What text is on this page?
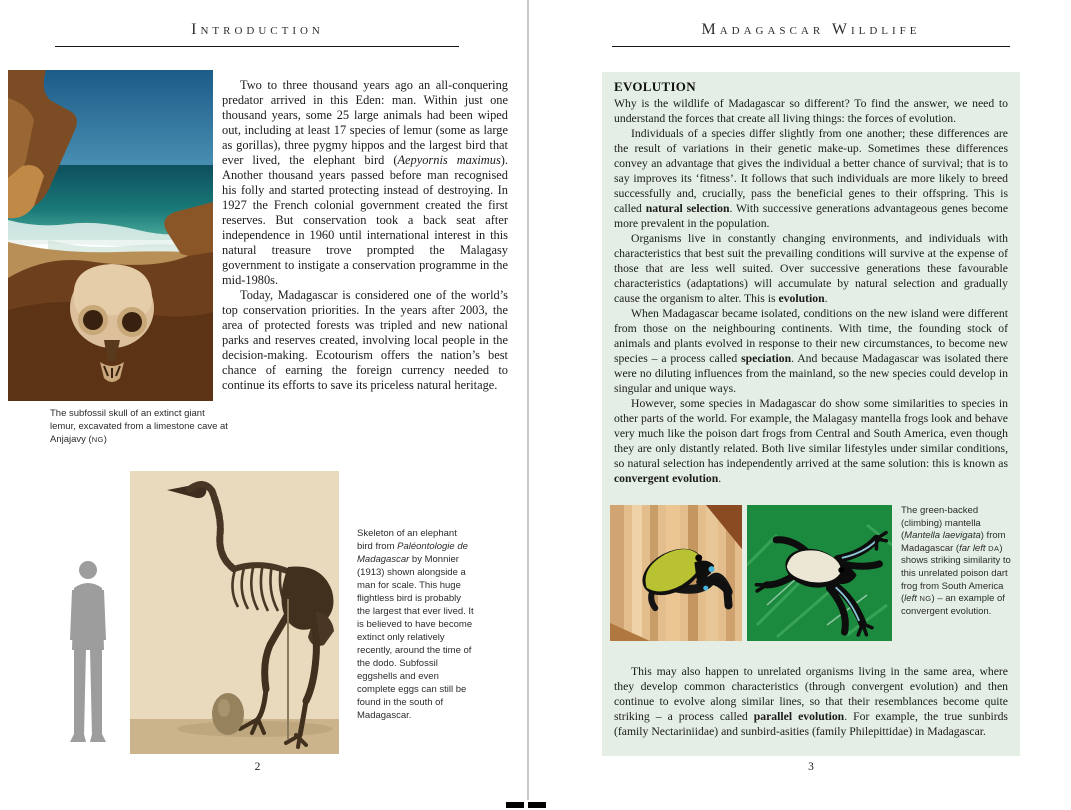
Introduction
The subfossil skull of an extinct giant lemur, excavated from a limestone cave at Anjajavy (NG)

Two to three thousand years ago an all-conquering predator arrived in this Eden: man. Within just one thousand years, some 25 large animals had been wiped out, including at least 17 species of lemur (some as large as gorillas), three pygmy hippos and the largest bird that ever lived, the elephant bird (Aepyornis maximus). Another thousand years passed before man recognised his folly and started protecting instead of destroying. In 1927 the French colonial government created the first reserves. But conservation took a back seat after independence in 1960 until international interest in this natural treasure trove prompted the Malagasy government to instigate a conservation programme in the mid-1980s.

Today, Madagascar is considered one of the world’s top conservation priorities. In the years after 2003, the area of protected forests was tripled and new national parks and reserves created, involving local people in the decision-making. Ecotourism offers the nation’s best chance of earning the foreign currency needed to continue its efforts to save its priceless natural heritage.

Skeleton of an elephant bird from Paléontologie de Madagascar by Monnier (1913) shown alongside a man for scale. This huge flightless bird is probably the largest that ever lived. It is believed to have become extinct only relatively recently, around the time of the dodo. Subfossil eggshells and even complete eggs can still be found in the south of Madagascar.
2
Madagascar Wildlife
EVOLUTION

Why is the wildlife of Madagascar so different? To find the answer, we need to understand the forces that create all living things: the forces of evolution.

Individuals of a species differ slightly from one another; these differences are the result of variations in their genetic make-up. Sometimes these differences convey an advantage that gives the individual a better chance of survival; that is to say improves its ‘fitness’. It follows that such individuals are more likely to breed successfully and, crucially, pass the beneficial genes to their offspring. This is called natural selection. With successive generations advantageous genes become more prevalent in the population.

Organisms live in constantly changing environments, and individuals with characteristics that best suit the prevailing conditions will survive at the expense of those that are less well suited. Over successive generations these favourable characteristics (adaptations) will accumulate by natural selection and gradually cause the organism to alter. This is evolution.

When Madagascar became isolated, conditions on the new island were different from those on the neighbouring continents. With time, the founding stock of animals and plants evolved in response to their new circumstances, to become new species – a process called speciation. And because Madagascar was isolated there were no diluting influences from the mainland, so the new species could develop in singular and unique ways.

However, some species in Madagascar do show some similarities to species in other parts of the world. For example, the Malagasy mantella frogs look and behave very much like the poison dart frogs from Central and South America, even though they are only distantly related. Both live similar lifestyles under similar conditions, so natural selection has independently arrived at the same solution: this is known as convergent evolution.

The green-backed (climbing) mantella (Mantella laevigata) from Madagascar (far left DA) shows striking similarity to this unrelated poison dart frog from South America (left NG) – an example of convergent evolution.

This may also happen to unrelated organisms living in the same area, where they develop common characteristics (through convergent evolution) and then continue to evolve along similar lines, so that their resemblances become quite striking – a process called parallel evolution. For example, the true sunbirds (family Nectariniidae) and sunbird-asities (family Philepittidae) in Madagascar.

3
